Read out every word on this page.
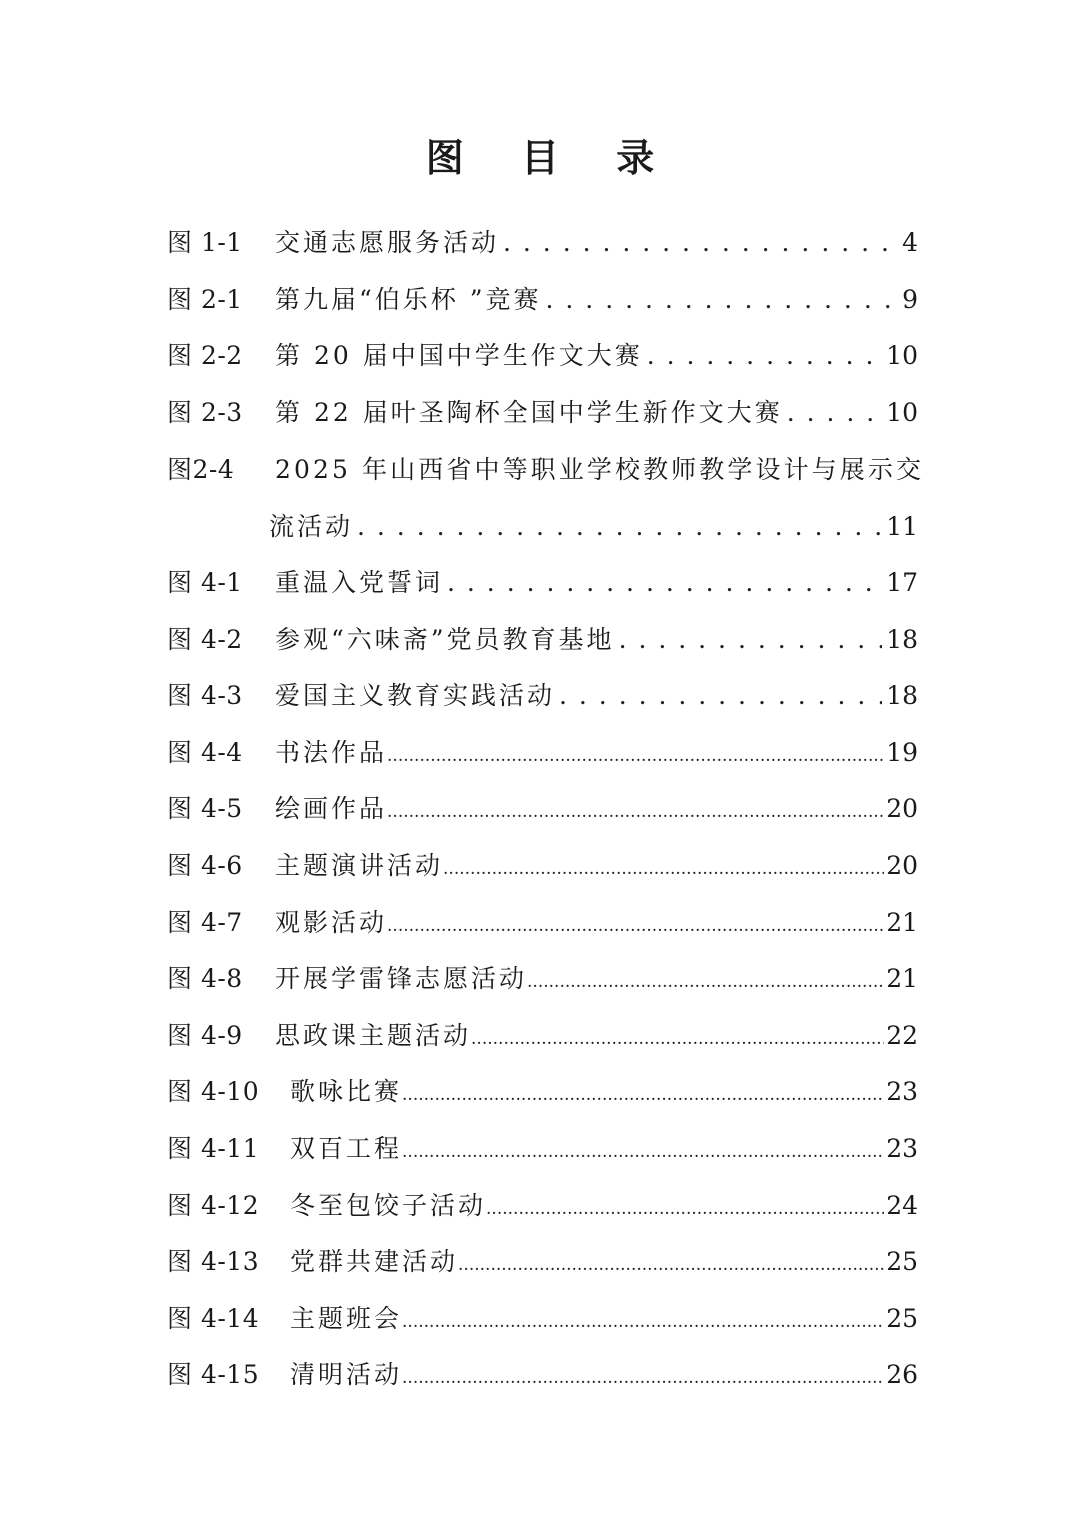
图 目 录
图 1-1 交通志愿服务活动 . . .	4
图 2-1 第九届“伯乐杯 ”竞赛 . . .	9
图 2-2 第 20 届中国中学生作文大赛 . . .	10
图 2-3 第 22 届叶圣陶杯全国中学生新作文大赛 . . .	10
图2-4 2025 年山西省中等职业学校教师教学设计与展示交
流活动 . . .	11
图 4-1 重温入党誓词 . . .	17
图 4-2 参观“六味斋”党员教育基地 . . .	18
图 4-3 爱国主义教育实践活动 . . .	18
图 4-4 书法作品 .....	19
图 4-5 绘画作品 .....	20
图 4-6 主题演讲活动 .....	20
图 4-7 观影活动 .....	21
图 4-8 开展学雷锋志愿活动 .....	21
图 4-9 思政课主题活动 .....	22
图 4-10 歌咏比赛 .....	23
图 4-11 双百工程 .....	23
图 4-12 冬至包饺子活动 .....	24
图 4-13 党群共建活动 .....	25
图 4-14 主题班会 .....	25
图 4-15 清明活动 .....	26
